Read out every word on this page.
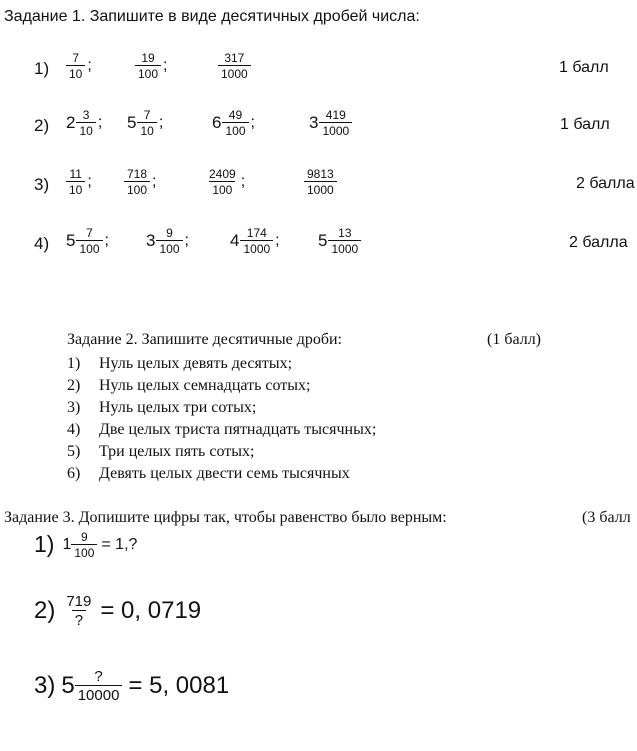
Задание 1. Запишите в виде десятичных дробей числа:
$1) \frac{7}{10}$ ;	$\frac{19}{100}$ ;	$\frac{317}{1000}$	1 балл
2) $2 \frac{3}{10}$ ; $5 \frac{7}{10}$ ;	$6 \frac{49}{100}$ ;	$3 \frac{419}{1000}$	1 балл
$3) \frac{11}{10}$ ;	$\frac{718}{100}$ ;	$\frac{2409}{100}$ ;	$\frac{9813}{1000}$	2 балла
4) $5 \frac{7}{100}$ ; $3 \frac{9}{100}$ ; $4 \frac{174}{1000}$ ; $5 \frac{13}{1000}$	2 балла
Задание 2. Запишите десятичные дроби:	(1 балл)
1) Нуль целых девять десятых;
2) Нуль целых семнадцать сотых;
3) Нуль целых три сотых;
4) Две целых триста пятнадцать тысячных;
5) Три целых пять сотых;
6) Девять целых двести семь тысячных
Задание 3. Допишите цифры так, чтобы равенство было верным:	(3 балл
1) $1 \frac{9}{100} = 1$,?
$2) \frac{719}{?} = 0$, 0719
3) $5 \frac{?}{10000} = 5$, 0081
